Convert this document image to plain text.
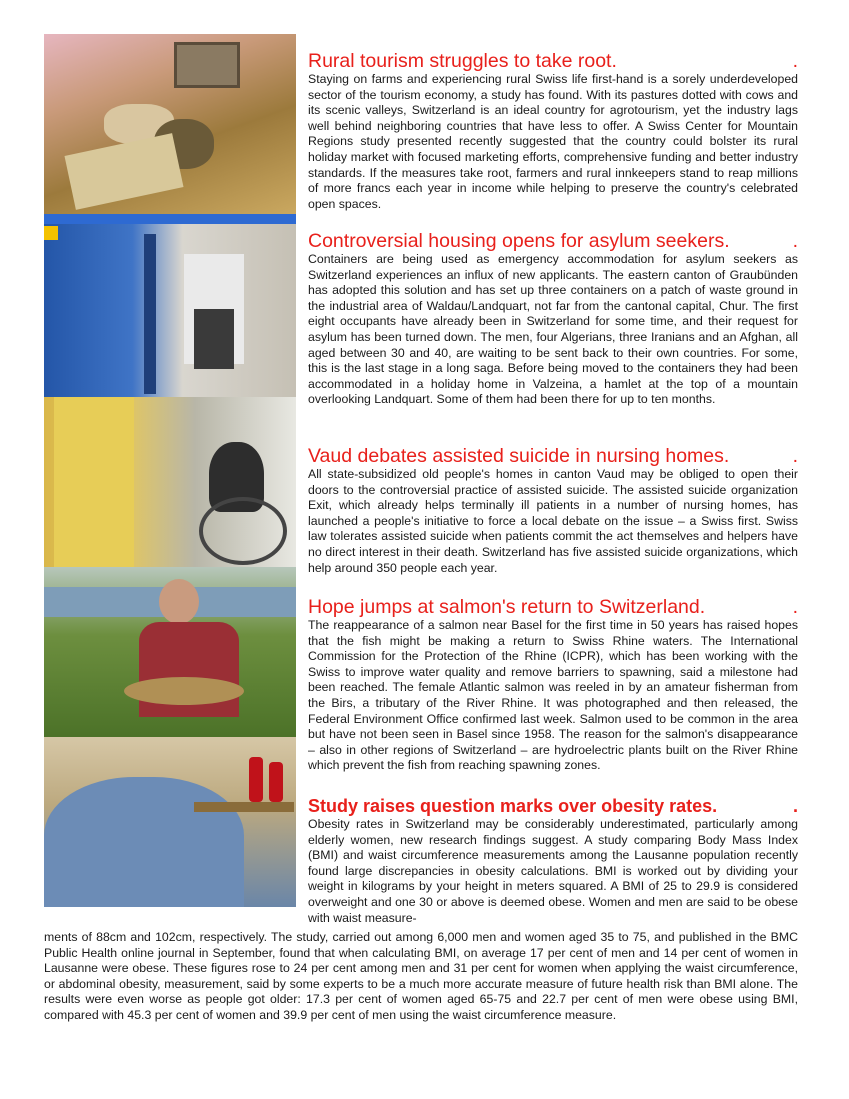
Rural tourism struggles to take root.	.

Staying on farms and experiencing rural Swiss life first-hand is a sorely underdeveloped sector of the tourism economy, a study has found. With its pastures dotted with cows and its scenic valleys, Switzerland is an ideal country for agrotourism, yet the industry lags well behind neighboring countries that have less to offer. A Swiss Center for Mountain Regions study presented recently suggested that the country could bolster its rural holiday market with focused marketing efforts, comprehensive funding and better industry standards. If the measures take root, farmers and rural innkeepers stand to reap millions of more francs each year in income while helping to preserve the country's celebrated open spaces.

Controversial housing opens for asylum seekers.	.

Containers are being used as emergency accommodation for asylum seekers as Switzerland experiences an influx of new applicants. The eastern canton of Graubünden has adopted this solution and has set up three containers on a patch of waste ground in the industrial area of Waldau/Landquart, not far from the cantonal capital, Chur. The first eight occupants have already been in Switzerland for some time, and their request for asylum has been turned down. The men, four Algerians, three Iranians and an Afghan, all aged between 30 and 40, are waiting to be sent back to their own countries. For some, this is the last stage in a long saga. Before being moved to the containers they had been accommodated in a holiday home in Valzeina, a hamlet at the top of a mountain overlooking Landquart. Some of them had been there for up to ten months.

Vaud debates assisted suicide in nursing homes.	.

All state-subsidized old people's homes in canton Vaud may be obliged to open their doors to the controversial practice of assisted suicide. The assisted suicide organization Exit, which already helps terminally ill patients in a number of nursing homes, has launched a people's initiative to force a local debate on the issue – a Swiss first. Swiss law tolerates assisted suicide when patients commit the act themselves and helpers have no direct interest in their death. Switzerland has five assisted suicide organizations, which help around 350 people each year.

Hope jumps at salmon's return to Switzerland.	.

The reappearance of a salmon near Basel for the first time in 50 years has raised hopes that the fish might be making a return to Swiss Rhine waters. The International Commission for the Protection of the Rhine (ICPR), which has been working with the Swiss to improve water quality and remove barriers to spawning, said a milestone had been reached. The female Atlantic salmon was reeled in by an amateur fisherman from the Birs, a tributary of the River Rhine. It was photographed and then released, the Federal Environment Office confirmed last week. Salmon used to be common in the area but have not been seen in Basel since 1958. The reason for the salmon's disappearance – also in other regions of Switzerland – are hydroelectric plants built on the River Rhine which prevent the fish from reaching spawning zones.

Study raises question marks over obesity rates.	.

Obesity rates in Switzerland may be considerably underestimated, particularly among elderly women, new research findings suggest. A study comparing Body Mass Index (BMI) and waist circumference measurements among the Lausanne population recently found large discrepancies in obesity calculations. BMI is worked out by dividing your weight in kilograms by your height in meters squared. A BMI of 25 to 29.9 is considered overweight and one 30 or above is deemed obese. Women and men are said to be obese with waist measure-

ments of 88cm and 102cm, respectively. The study, carried out among 6,000 men and women aged 35 to 75, and published in the BMC Public Health online journal in September, found that when calculating BMI, on average 17 per cent of men and 14 per cent of women in Lausanne were obese. These figures rose to 24 per cent among men and 31 per cent for women when applying the waist circumference, or abdominal obesity, measurement, said by some experts to be a much more accurate measure of future health risk than BMI alone. The results were even worse as people got older: 17.3 per cent of women aged 65-75 and 22.7 per cent of men were obese using BMI, compared with 45.3 per cent of women and 39.9 per cent of men using the waist circumference measure.
